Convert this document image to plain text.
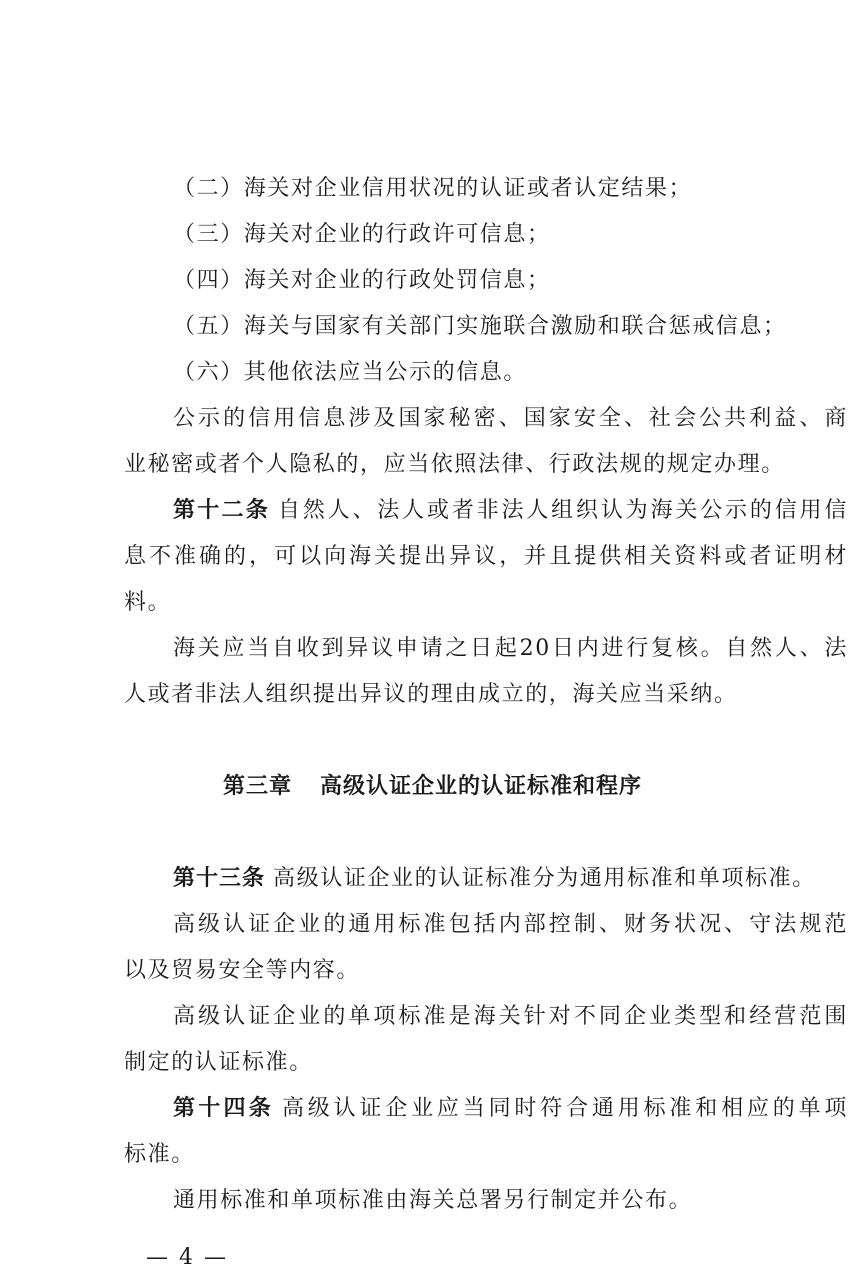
（二）海关对企业信用状况的认证或者认定结果；
（三）海关对企业的行政许可信息；
（四）海关对企业的行政处罚信息；
（五）海关与国家有关部门实施联合激励和联合惩戒信息；
（六）其他依法应当公示的信息。
公示的信用信息涉及国家秘密、国家安全、社会公共利益、商
业秘密或者个人隐私的，应当依照法律、行政法规的规定办理。
第十二条 自然人、法人或者非法人组织认为海关公示的信用信
息不准确的，可以向海关提出异议，并且提供相关资料或者证明材
料。
海关应当自收到异议申请之日起20日内进行复核。自然人、法
人或者非法人组织提出异议的理由成立的，海关应当采纳。
第三章 高级认证企业的认证标准和程序
第十三条 高级认证企业的认证标准分为通用标准和单项标准。
高级认证企业的通用标准包括内部控制、财务状况、守法规范
以及贸易安全等内容。
高级认证企业的单项标准是海关针对不同企业类型和经营范围
制定的认证标准。
第十四条 高级认证企业应当同时符合通用标准和相应的单项
标准。
通用标准和单项标准由海关总署另行制定并公布。
— 4 —
